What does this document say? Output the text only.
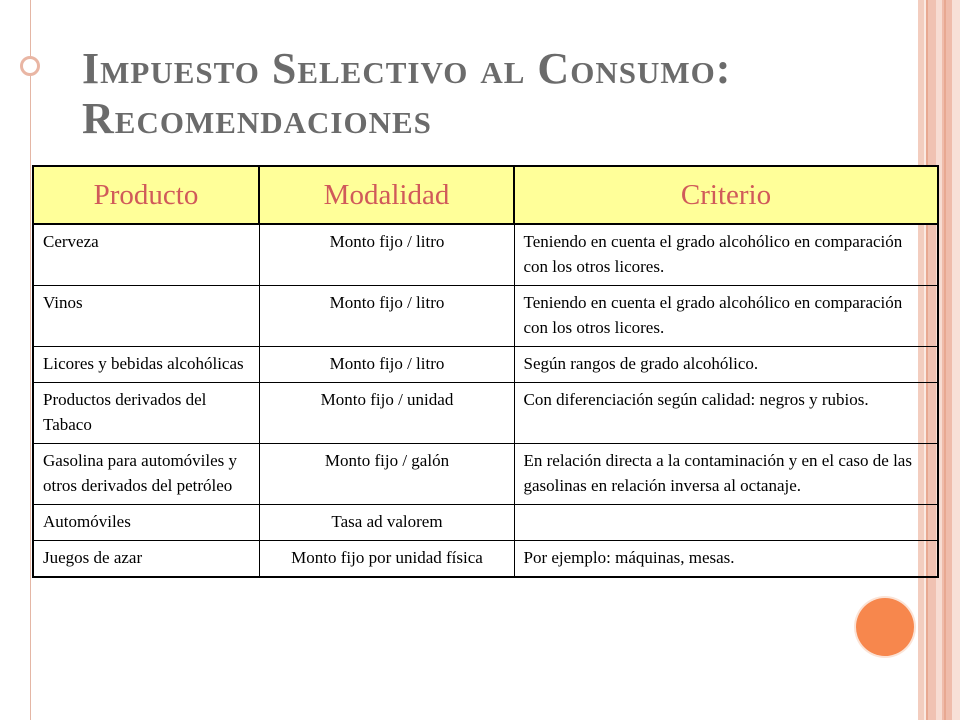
Impuesto Selectivo al Consumo:
Recomendaciones
Producto	Modalidad	Criterio
Cerveza	Monto fijo / litro	Teniendo en cuenta el grado alcohólico en comparación con los otros licores.
Vinos	Monto fijo / litro	Teniendo en cuenta el grado alcohólico en comparación con los otros licores.
Licores y bebidas alcohólicas	Monto fijo / litro	Según rangos de grado alcohólico.
Productos derivados del Tabaco	Monto fijo / unidad	Con diferenciación según calidad: negros y rubios.
Gasolina para automóviles y otros derivados del petróleo	Monto fijo / galón	En relación directa a la contaminación y en el caso de las gasolinas en relación inversa al octanaje.
Automóviles	Tasa ad valorem	
Juegos de azar	Monto fijo por unidad física	Por ejemplo: máquinas, mesas.
